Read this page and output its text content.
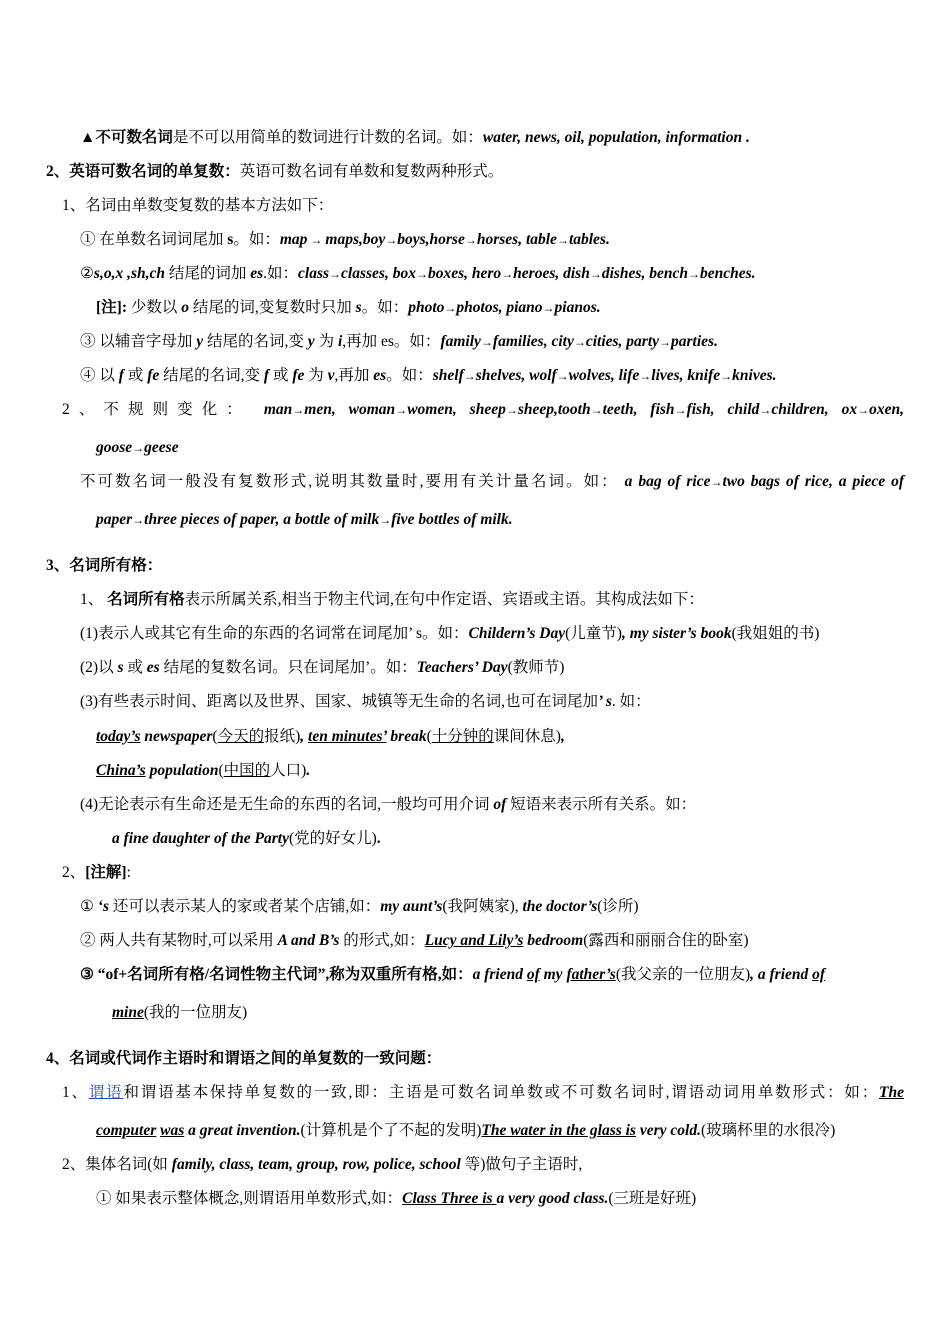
▲不可数名词是不可以用简单的数词进行计数的名词。如：water, news, oil, population, information .
2、英语可数名词的单复数：英语可数名词有单数和复数两种形式。
1、名词由单数变复数的基本方法如下：
① 在单数名词词尾加 s。如：map → maps,boy→boys,horse→horses, table→tables.
②s,o,x ,sh,ch 结尾的词加 es.如：class→classes, box→boxes, hero→heroes, dish→dishes, bench→benches.
[注]: 少数以 o 结尾的词,变复数时只加 s。如：photo→photos, piano→pianos.
③ 以辅音字母加 y 结尾的名词,变 y 为 i,再加 es。如：family→families, city→cities, party→parties.
④ 以 f 或 fe 结尾的名词,变 f 或 fe 为 v,再加 es。如：shelf→shelves, wolf→wolves, life→lives, knife→knives.
2、不规则变化： man→men, woman→women, sheep→sheep,tooth→teeth, fish→fish, child→children, ox→oxen,
goose→geese
不可数名词一般没有复数形式,说明其数量时,要用有关计量名词。如： a bag of rice→two bags of rice, a piece of
paper→three pieces of paper, a bottle of milk→five bottles of milk.
3、名词所有格：
1、 名词所有格表示所属关系,相当于物主代词,在句中作定语、宾语或主语。其构成法如下：
(1)表示人或其它有生命的东西的名词常在词尾加’ s。如：Childern’s Day(儿童节), my sister’s book(我姐姐的书)
(2)以 s 或 es 结尾的复数名词。只在词尾加’。如：Teachers’ Day(教师节)
(3)有些表示时间、距离以及世界、国家、城镇等无生命的名词,也可在词尾加’ s. 如：
today’s newspaper(今天的报纸), ten minutes’ break(十分钟的课间休息),
China’s population(中国的人口).
(4)无论表示有生命还是无生命的东西的名词,一般均可用介词 of 短语来表示所有关系。如：
a fine daughter of the Party(党的好女儿).
2、[注解]:
① ‘s 还可以表示某人的家或者某个店铺,如：my aunt’s(我阿姨家), the doctor’s(诊所)
② 两人共有某物时,可以采用 A and B’s 的形式,如：Lucy and Lily’s bedroom(露西和丽丽合住的卧室)
③ “of+名词所有格/名词性物主代词”,称为双重所有格,如：a friend of my father’s(我父亲的一位朋友), a friend of
mine(我的一位朋友)
4、名词或代词作主语时和谓语之间的单复数的一致问题：
1、谓语和谓语基本保持单复数的一致,即：主语是可数名词单数或不可数名词时,谓语动词用单数形式：如：The
computer was a great invention.(计算机是个了不起的发明)The water in the glass is very cold.(玻璃杯里的水很冷)
2、集体名词(如 family, class, team, group, row, police, school 等)做句子主语时,
① 如果表示整体概念,则谓语用单数形式,如：Class Three is a very good class.(三班是好班)
